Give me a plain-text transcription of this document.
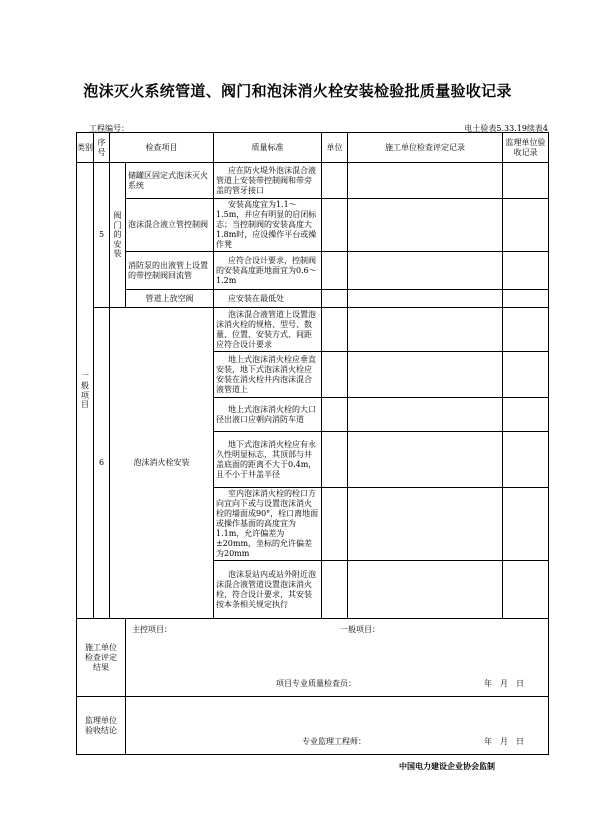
泡沫灭火系统管道、阀门和泡沫消火栓安装检验批质量验收记录
工程编号：	电土验表5.33.19续表4
类别	序号	检查项目		质量标准	单位	施工单位检查评定记录	监理单位验收记录
一般项目	5	阀门的安装	储罐区固定式泡沫灭火系统	应在防火堤外泡沫混合液管道上安装带控制阀和带旁盖的管牙接口			
			泡沫混合液立管控制阀	安装高度宜为1.1～1.5m，并应有明显的启闭标志；当控制阀的安装高度大1.8m时，应设操作平台或操作凳			
			消防泵的出液管上设置的带控制阀回流管	应符合设计要求，控制阀的安装高度距地面宜为0.6～1.2m			
			管道上放空阀	应安装在最低处			
	6	泡沫消火栓安装		泡沫混合液管道上设置泡沫消火栓的规格、型号、数量、位置、安装方式、间距应符合设计要求			
				地上式泡沫消火栓应垂直安装，地下式泡沫消火栓应安装在消火栓井内泡沫混合液管道上			
				地上式泡沫消火栓的大口径出液口应朝向消防车道			
				地下式泡沫消火栓应有永久性明显标志，其顶部与井盖底面的距离不大于0.4m，且不小于井盖半径			
				室内泡沫消火栓的栓口方向宜向下或与设置泡沫消火栓的墙面成90°，栓口离地面或操作基面的高度宜为1.1m，允许偏差为±20mm，坐标的允许偏差为20mm			
				泡沫泵站内或站外附近泡沫混合液管道设置泡沫消火栓，符合设计要求，其安装按本条相关规定执行			
施工单位检查评定结果			主控项目： 一般项目：
项目专业质量检查员： 年　月　日				

监理单位验收结论			专业监理工程师： 年　月　日				
中国电力建设企业协会监制
